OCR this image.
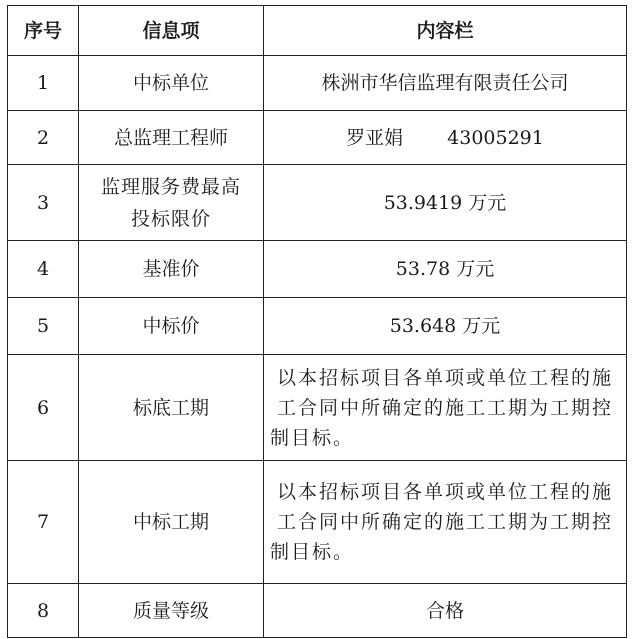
序号	信息项	内容栏
1	中标单位	株洲市华信监理有限责任公司
2	总监理工程师	罗亚娟 43005291
3	监理服务费最高投标限价	53.9419 万元
4	基准价	53.78 万元
5	中标价	53.648 万元
6	标底工期	以本招标项目各单项或单位工程的施工合同中所确定的施工工期为工期控制目标。
7	中标工期	以本招标项目各单项或单位工程的施工合同中所确定的施工工期为工期控制目标。
8	质量等级	合格
